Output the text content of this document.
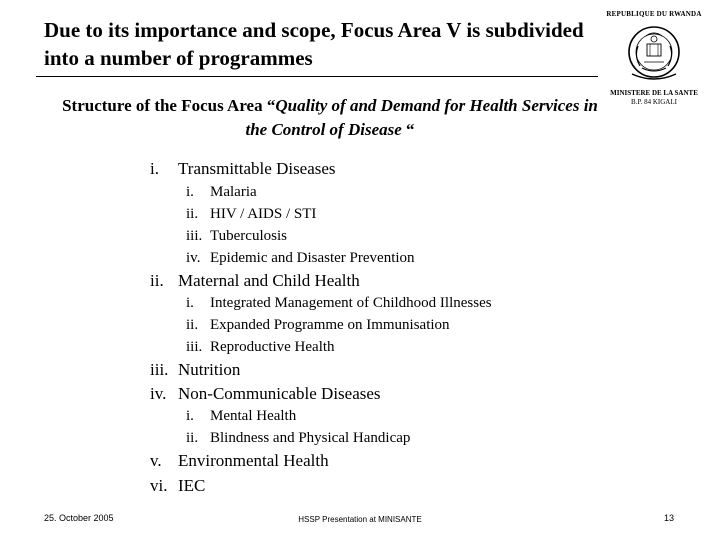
Due to its importance and scope, Focus Area V is subdivided into a number of programmes
REPUBLIQUE DU RWANDA
MINISTERE DE LA SANTE
B.P. 84 KIGALI
Structure of the Focus Area “Quality of and Demand for Health Services in the Control of Disease “
i. Transmittable Diseases
i. Malaria
ii. HIV / AIDS / STI
iii. Tuberculosis
iv. Epidemic and Disaster Prevention
ii. Maternal and Child Health
i. Integrated Management of Childhood Illnesses
ii. Expanded Programme on Immunisation
iii. Reproductive Health
iii. Nutrition
iv. Non-Communicable Diseases
i. Mental Health
ii. Blindness and Physical Handicap
v. Environmental Health
vi. IEC
25. October 2005	HSSP Presentation at MINISANTE	13
